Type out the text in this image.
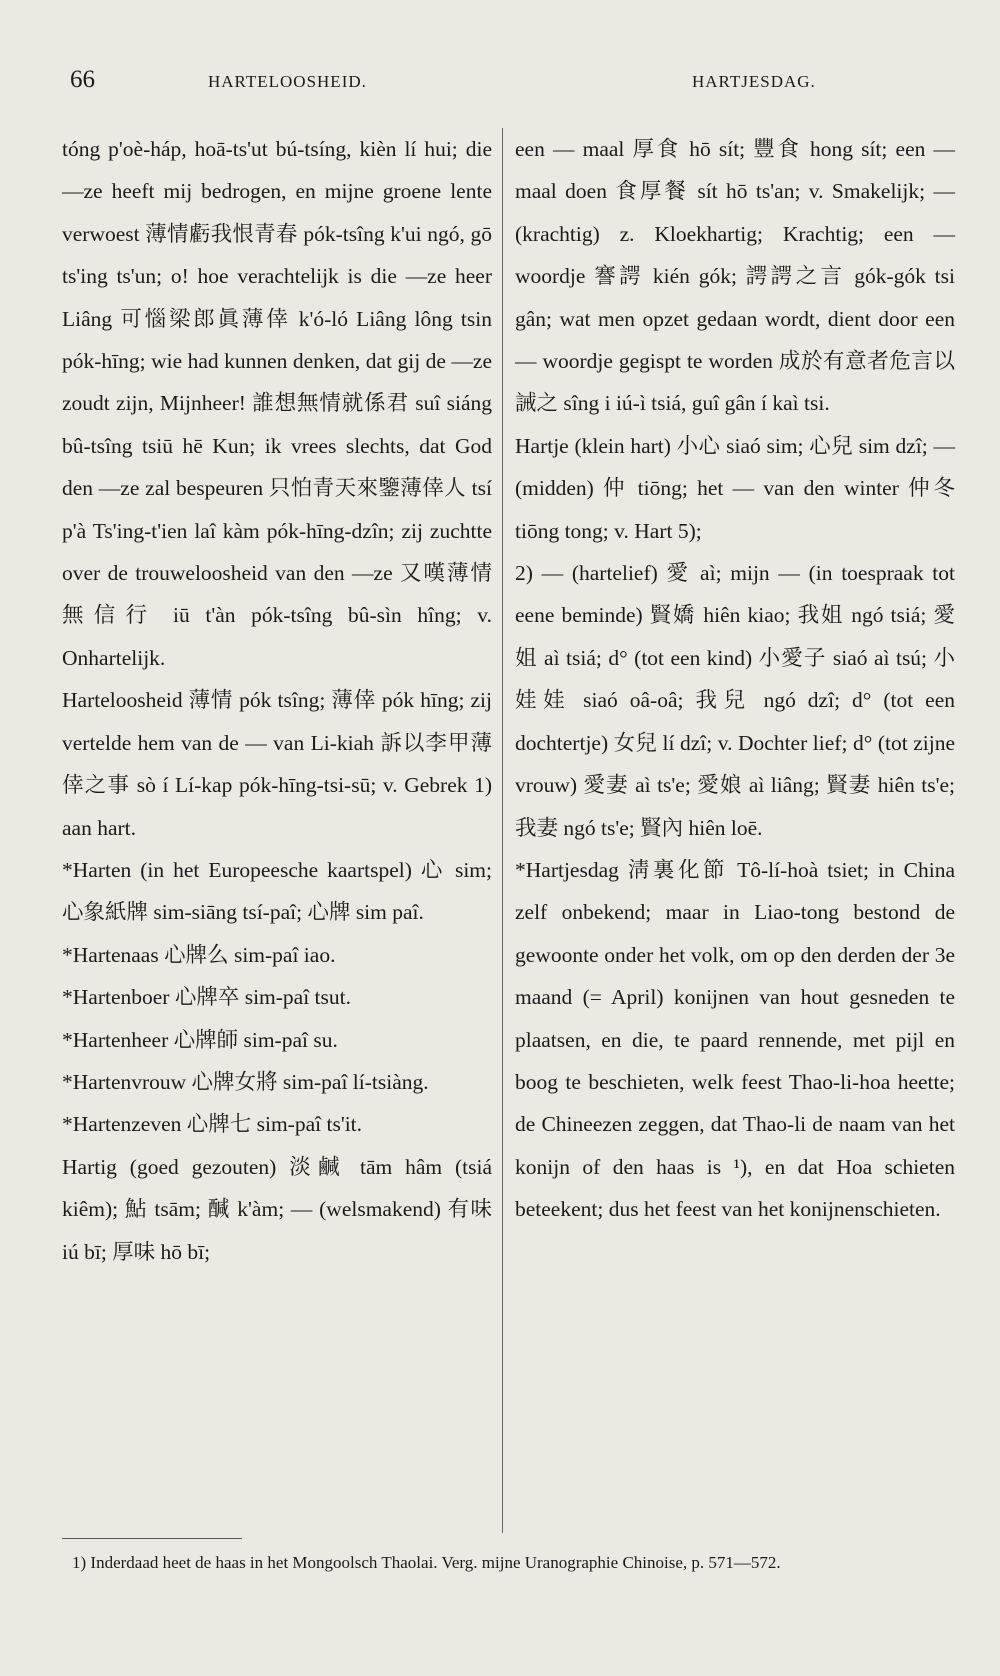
66	HARTELOOSHEID.	HARTJESDAG.

tóng p'oè-háp, hoā-ts'ut bú-tsíng, kièn lí hui; die —ze heeft mij bedrogen, en mijne groene lente verwoest 薄情虧我恨青春 pók-tsîng k'ui ngó, gō ts'ing ts'un; o! hoe verachtelijk is die —ze heer Liâng 可惱梁郎眞薄倖 k'ó-ló Liâng lông tsin pók-hīng; wie had kunnen denken, dat gij de —ze zoudt zijn, Mijnheer! 誰想無情就係君 suî siáng bû-tsîng tsiū hē Kun; ik vrees slechts, dat God den —ze zal bespeuren 只怕青天來鑒薄倖人 tsí p'à Ts'ing-t'ien laî kàm pók-hīng-dzîn; zij zuchtte over de trouweloosheid van den —ze 又嘆薄情無信行 iū t'àn pók-tsîng bû-sìn hîng; v. Onhartelijk.

Harteloosheid 薄情 pók tsîng; 薄倖 pók hīng; zij vertelde hem van de — van Li-kiah 訴以李甲薄倖之事 sò í Lí-kap pók-hīng-tsi-sū; v. Gebrek 1) aan hart.

*Harten (in het Europeesche kaartspel) 心 sim; 心象紙牌 sim-siāng tsí-paî; 心牌 sim paî.

*Hartenaas 心牌么 sim-paî iao.

*Hartenboer 心牌卒 sim-paî tsut.

*Hartenheer 心牌師 sim-paî su.

*Hartenvrouw 心牌女將 sim-paî lí-tsiàng.

*Hartenzeven 心牌七 sim-paî ts'it.

Hartig (goed gezouten) 淡鹹 tām hâm (tsiá kiêm); 鮎 tsām; 醎 k'àm; — (welsmakend) 有味 iú bī; 厚味 hō bī;

een — maal 厚食 hō sít; 豐食 hong sít; een — maal doen 食厚餐 sít hō ts'an; v. Smakelijk; — (krachtig) z. Kloekhartig; Krachtig; een — woordje 謇諤 kién gók; 諤諤之言 gók-gók tsi gân; wat men opzet gedaan wordt, dient door een — woordje gegispt te worden 成於有意者危言以誡之 sîng i iú-ì tsiá, guî gân í kaì tsi.

Hartje (klein hart) 小心 siaó sim; 心兒 sim dzî; — (midden) 仲 tiōng; het — van den winter 仲冬 tiōng tong; v. Hart 5);

2) — (hartelief) 愛 aì; mijn — (in toespraak tot eene beminde) 賢嬌 hiên kiao; 我姐 ngó tsiá; 愛姐 aì tsiá; d° (tot een kind) 小愛子 siaó aì tsú; 小娃娃 siaó oâ-oâ; 我兒 ngó dzî; d° (tot een dochtertje) 女兒 lí dzî; v. Dochter lief; d° (tot zijne vrouw) 愛妻 aì ts'e; 愛娘 aì liâng; 賢妻 hiên ts'e; 我妻 ngó ts'e; 賢內 hiên loē.

*Hartjesdag 淸裏化節 Tô-lí-hoà tsiet; in China zelf onbekend; maar in Liao-tong bestond de gewoonte onder het volk, om op den derden der 3e maand (= April) konijnen van hout gesneden te plaatsen, en die, te paard rennende, met pijl en boog te beschieten, welk feest Thao-li-hoa heette; de Chineezen zeggen, dat Thao-li de naam van het konijn of den haas is ¹), en dat Hoa schieten beteekent; dus het feest van het konijnenschieten.

1) Inderdaad heet de haas in het Mongoolsch Thaolai. Verg. mijne Uranographie Chinoise, p. 571—572.
